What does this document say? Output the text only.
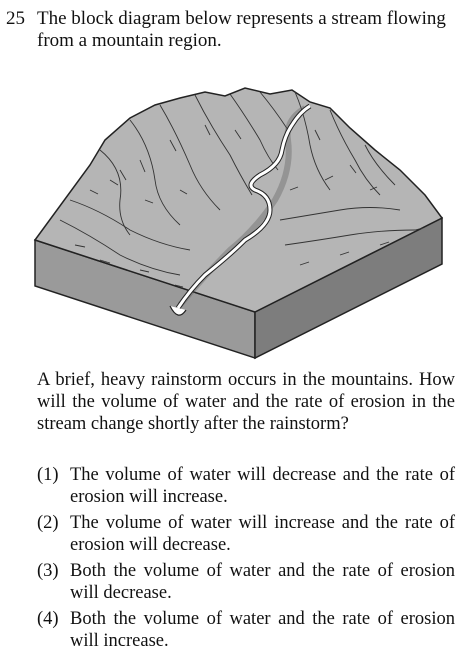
25 The block diagram below represents a stream flowing from a mountain region.
A brief, heavy rainstorm occurs in the mountains. How will the volume of water and the rate of erosion in the stream change shortly after the rainstorm?
(1) The volume of water will decrease and the rate of erosion will increase.
(2) The volume of water will increase and the rate of erosion will decrease.
(3) Both the volume of water and the rate of erosion will decrease.
(4) Both the volume of water and the rate of erosion will increase.
